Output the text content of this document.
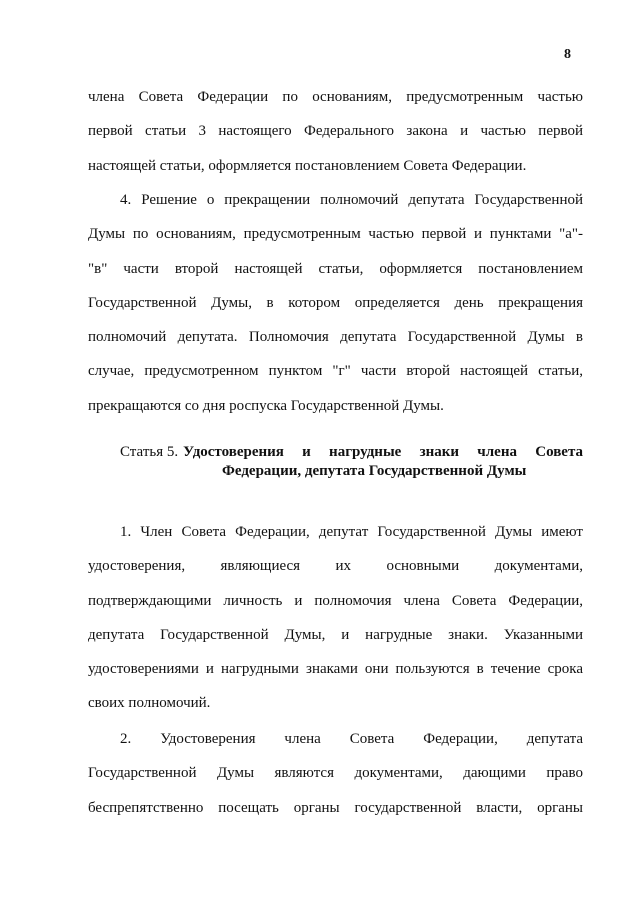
8
члена Совета Федерации по основаниям, предусмотренным частью
первой статьи 3 настоящего Федерального закона и частью первой
настоящей статьи, оформляется постановлением Совета Федерации.
4. Решение о прекращении полномочий депутата Государственной
Думы по основаниям, предусмотренным частью первой и пунктами "а"-
"в" части второй настоящей статьи, оформляется постановлением
Государственной Думы, в котором определяется день прекращения
полномочий депутата. Полномочия депутата Государственной Думы в
случае, предусмотренном пунктом "г" части второй настоящей статьи,
прекращаются со дня роспуска Государственной Думы.
Статья 5. Удостоверения и нагрудные знаки члена Совета
Федерации, депутата Государственной Думы
1. Член Совета Федерации, депутат Государственной Думы имеют
удостоверения, являющиеся их основными документами,
подтверждающими личность и полномочия члена Совета Федерации,
депутата Государственной Думы, и нагрудные знаки. Указанными
удостоверениями и нагрудными знаками они пользуются в течение срока
своих полномочий.
2. Удостоверения члена Совета Федерации, депутата
Государственной Думы являются документами, дающими право
беспрепятственно посещать органы государственной власти, органы
